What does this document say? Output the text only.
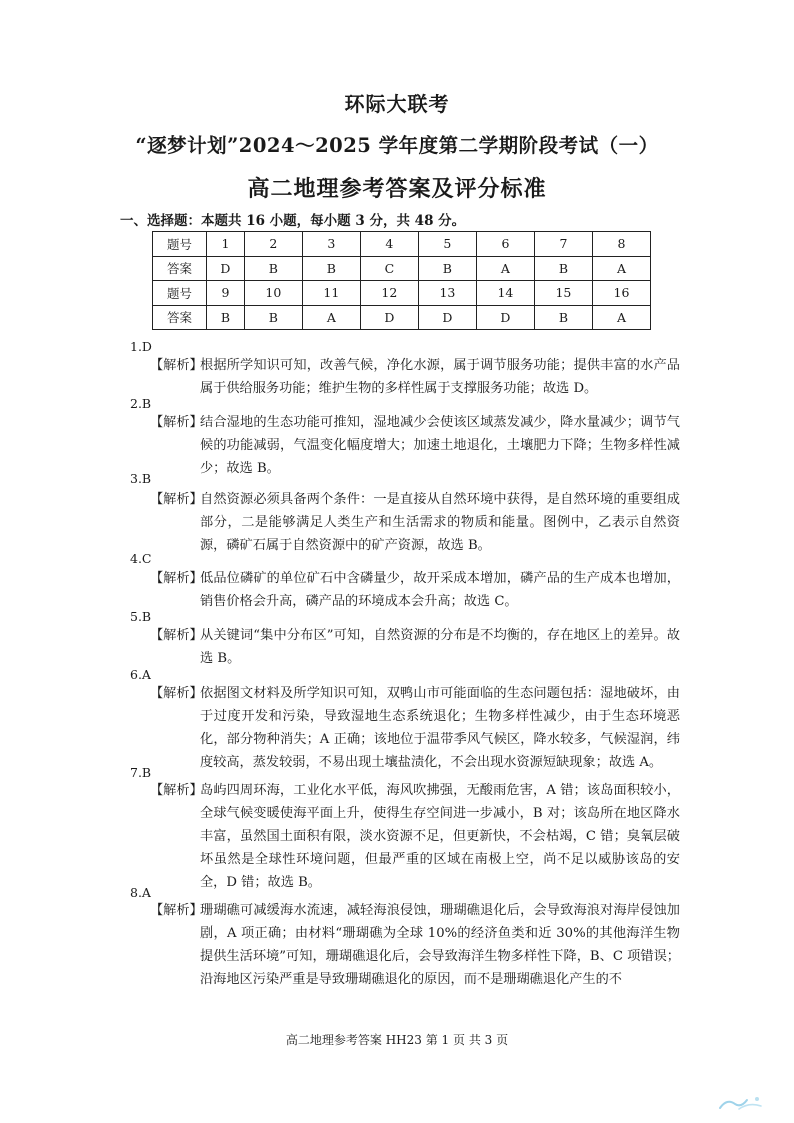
环际大联考
“逐梦计划”2024～2025 学年度第二学期阶段考试（一）
高二地理参考答案及评分标准
一、选择题：本题共 16 小题，每小题 3 分，共 48 分。
题号	1	2	3	4	5	6	7	8
答案	D	B	B	C	B	A	B	A
题号	9	10	11	12	13	14	15	16
答案	B	B	A	D	D	D	B	A
1.D
【解析】
根据所学知识可知，改善气候，净化水源，属于调节服务功能；提供丰富的水产品属于供给服务功能；维护生物的多样性属于支撑服务功能；故选 D。
2.B
【解析】
结合湿地的生态功能可推知，湿地减少会使该区域蒸发减少，降水量减少；调节气候的功能减弱，气温变化幅度增大；加速土地退化，土壤肥力下降；生物多样性减少；故选 B。
3.B
【解析】
自然资源必须具备两个条件：一是直接从自然环境中获得，是自然环境的重要组成部分，二是能够满足人类生产和生活需求的物质和能量。图例中，乙表示自然资源，磷矿石属于自然资源中的矿产资源，故选 B。
4.C
【解析】
低品位磷矿的单位矿石中含磷量少，故开采成本增加，磷产品的生产成本也增加，销售价格会升高，磷产品的环境成本会升高；故选 C。
5.B
【解析】
从关键词“集中分布区”可知，自然资源的分布是不均衡的，存在地区上的差异。故选 B。
6.A
【解析】
依据图文材料及所学知识可知，双鸭山市可能面临的生态问题包括：湿地破坏，由于过度开发和污染，导致湿地生态系统退化；生物多样性减少，由于生态环境恶化，部分物种消失；A 正确；该地位于温带季风气候区，降水较多，气候湿润，纬度较高，蒸发较弱，不易出现土壤盐渍化，不会出现水资源短缺现象；故选 A。
7.B
【解析】
岛屿四周环海，工业化水平低，海风吹拂强，无酸雨危害，A 错；该岛面积较小，全球气候变暖使海平面上升，使得生存空间进一步减小，B 对；该岛所在地区降水丰富，虽然国土面积有限，淡水资源不足，但更新快，不会枯竭，C 错；臭氧层破坏虽然是全球性环境问题，但最严重的区域在南极上空，尚不足以威胁该岛的安全，D 错；故选 B。
8.A
【解析】
珊瑚礁可减缓海水流速，减轻海浪侵蚀，珊瑚礁退化后，会导致海浪对海岸侵蚀加剧，A 项正确；由材料“珊瑚礁为全球 10%的经济鱼类和近 30%的其他海洋生物提供生活环境”可知，珊瑚礁退化后，会导致海洋生物多样性下降，B、C 项错误；沿海地区污染严重是导致珊瑚礁退化的原因，而不是珊瑚礁退化产生的不
高二地理参考答案 HH23 第 1 页 共 3 页
